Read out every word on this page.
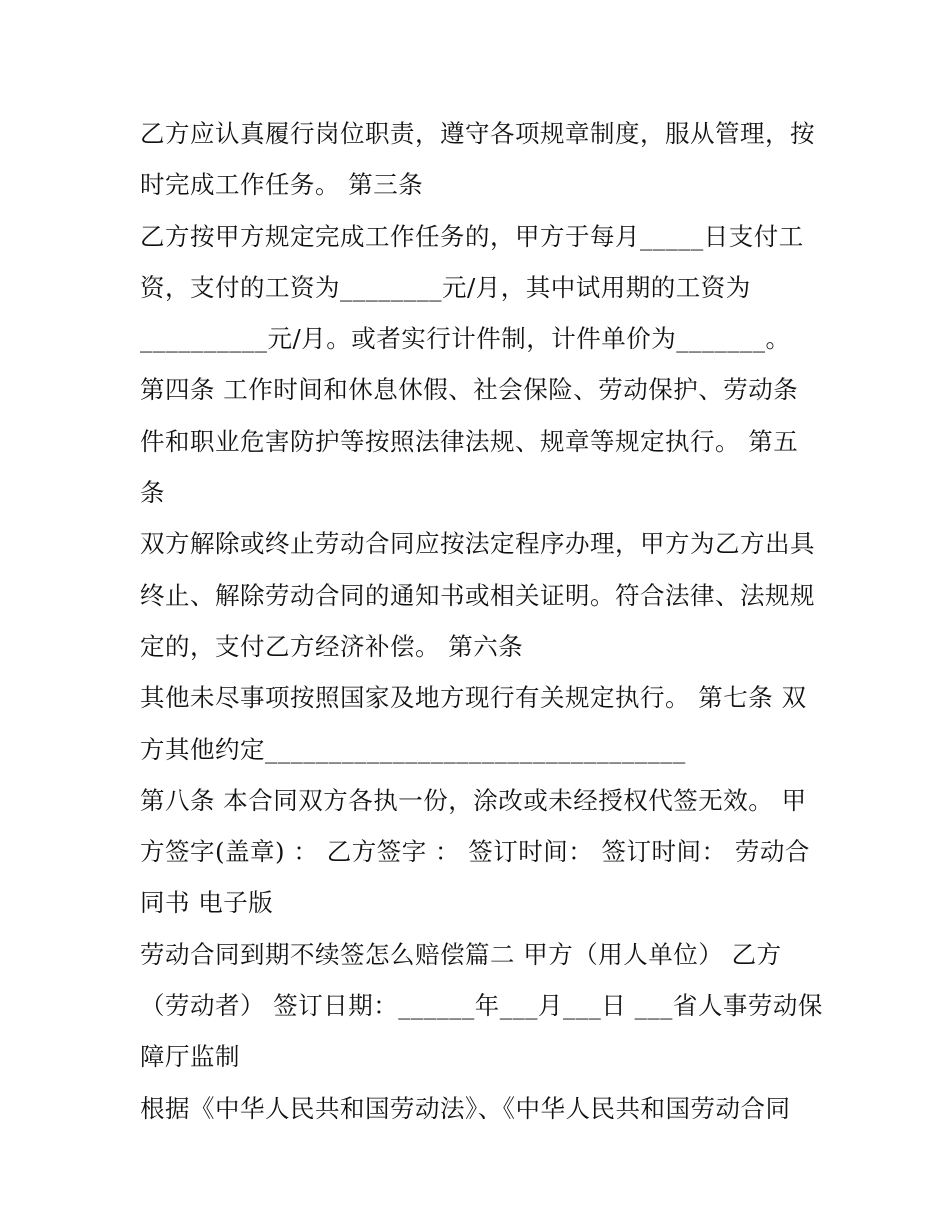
乙方应认真履行岗位职责，遵守各项规章制度，服从管理，按
时完成工作任务。 第三条
乙方按甲方规定完成工作任务的，甲方于每月_____日支付工
资，支付的工资为________元/月，其中试用期的工资为
__________元/月。或者实行计件制，计件单价为_______。
第四条 工作时间和休息休假、社会保险、劳动保护、劳动条
件和职业危害防护等按照法律法规、规章等规定执行。 第五
条
双方解除或终止劳动合同应按法定程序办理，甲方为乙方出具
终止、解除劳动合同的通知书或相关证明。符合法律、法规规
定的，支付乙方经济补偿。 第六条
其他未尽事项按照国家及地方现行有关规定执行。 第七条 双
方其他约定_________________________________
第八条 本合同双方各执一份，涂改或未经授权代签无效。 甲
方签字(盖章) ： 乙方签字 ： 签订时间： 签订时间： 劳动合
同书 电子版
劳动合同到期不续签怎么赔偿篇二 甲方（用人单位） 乙方
（劳动者） 签订日期：______年___月___日 ___省人事劳动保
障厅监制
根据《中华人民共和国劳动法》、《中华人民共和国劳动合同
